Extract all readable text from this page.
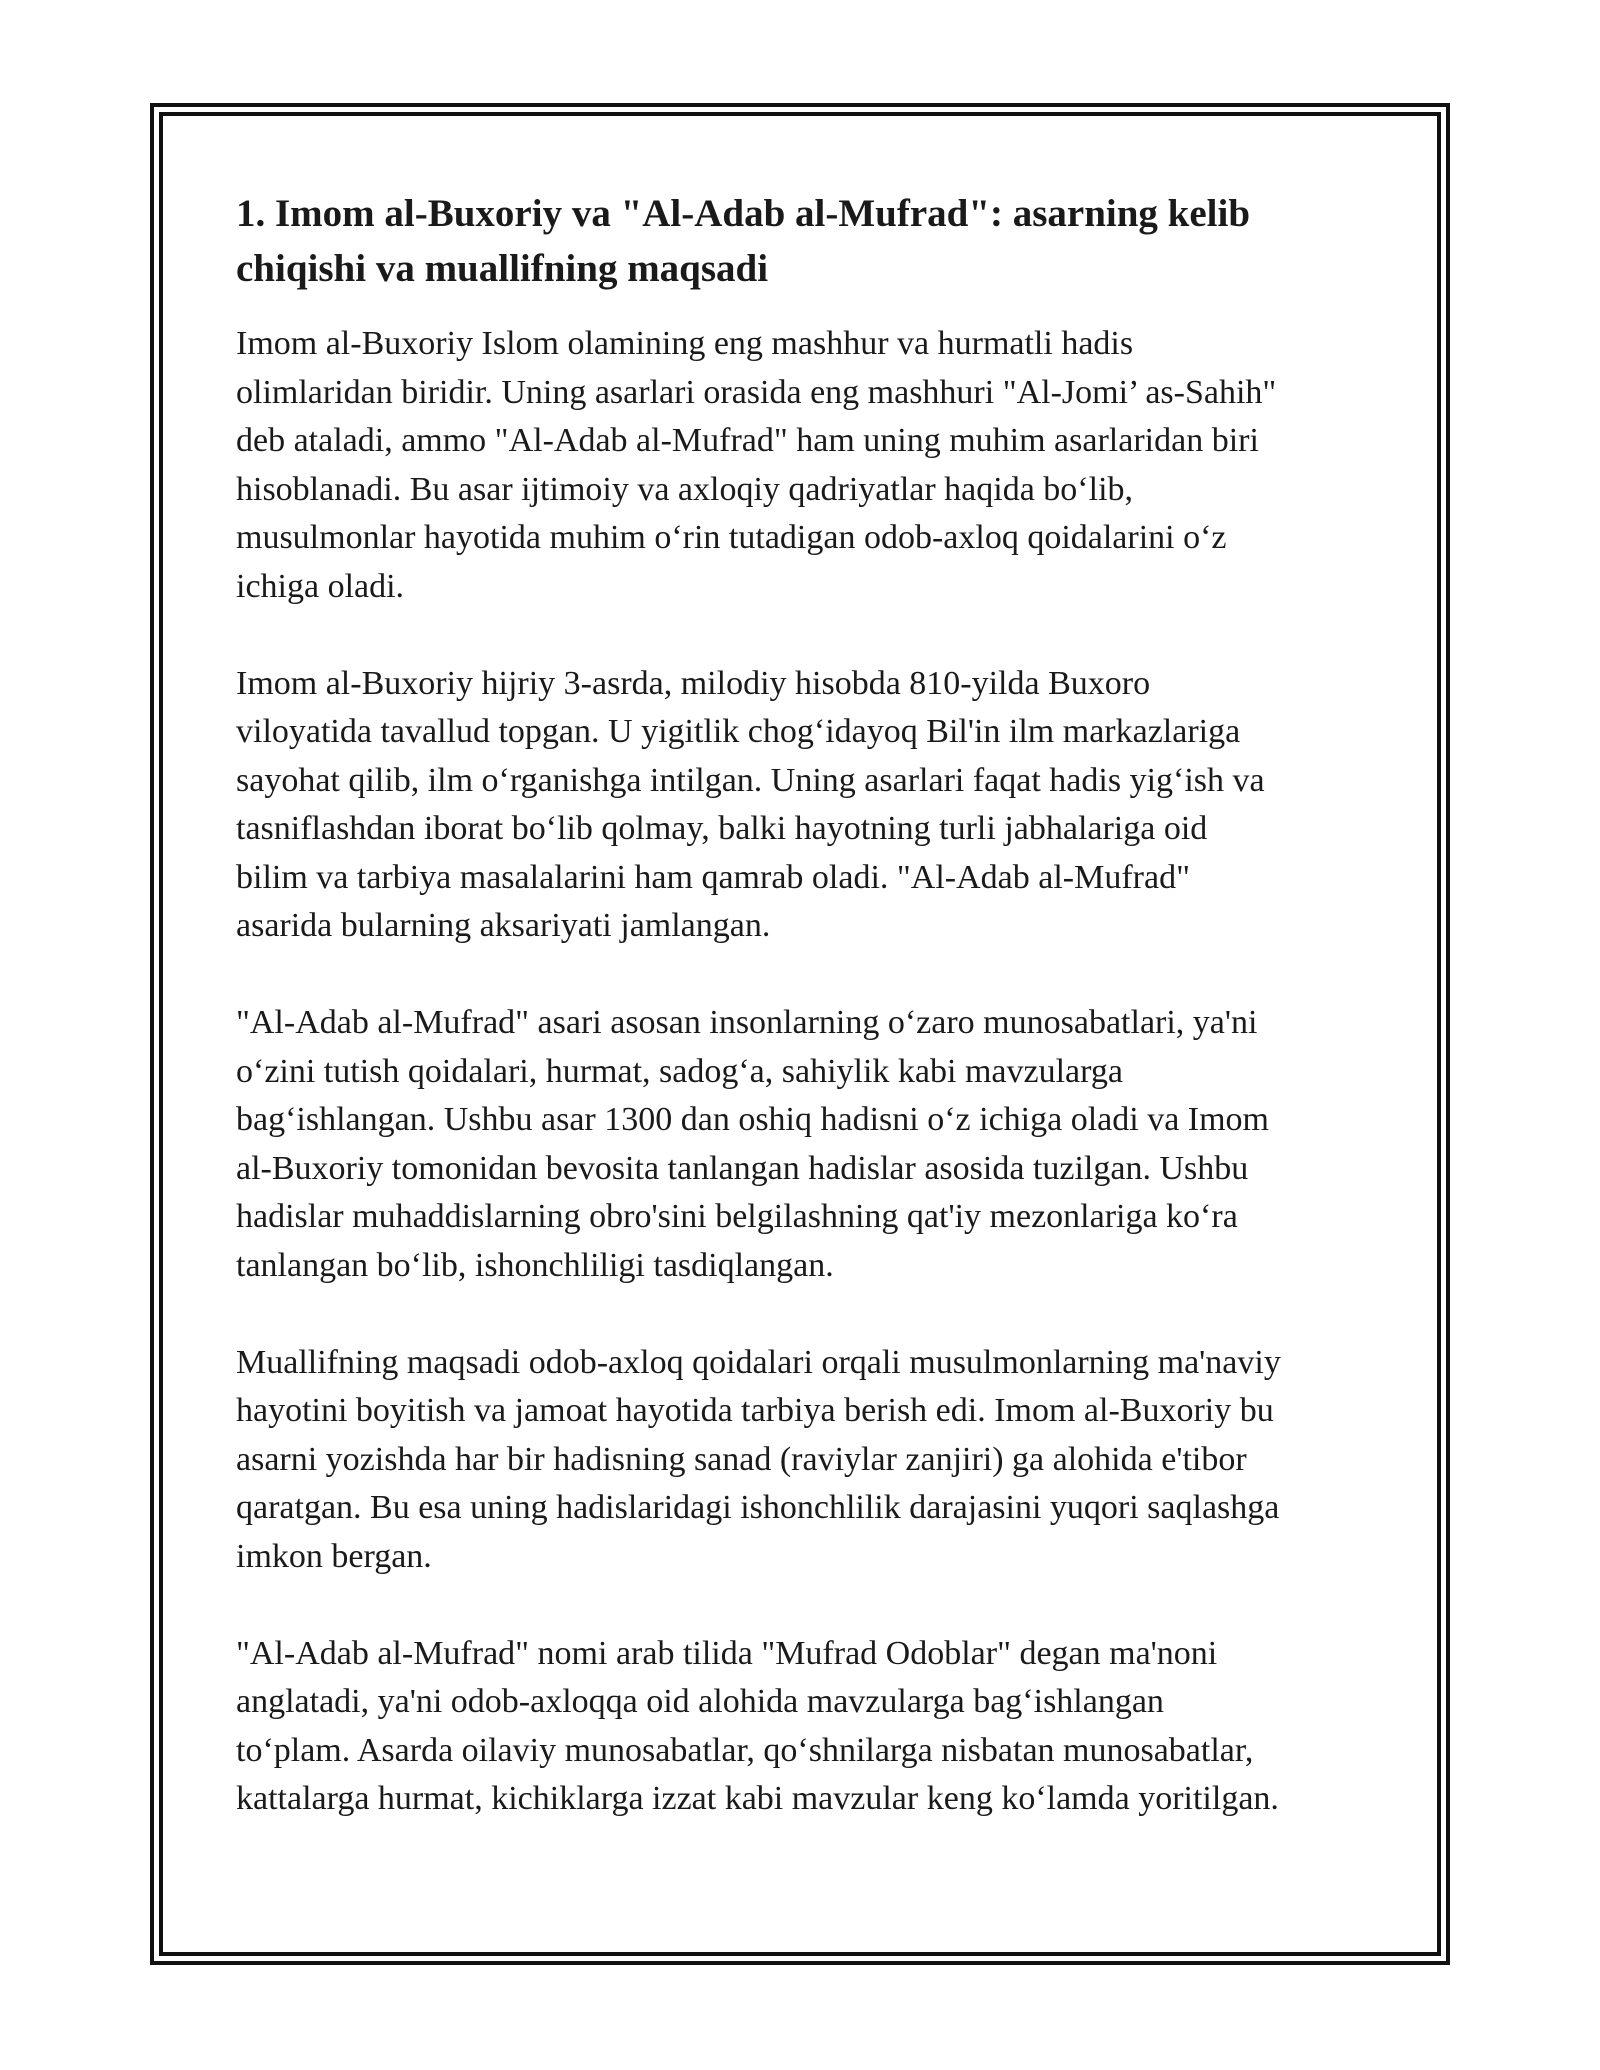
1. Imom al-Buxoriy va "Al-Adab al-Mufrad": asarning kelib
chiqishi va muallifning maqsadi

Imom al-Buxoriy Islom olamining eng mashhur va hurmatli hadis
olimlaridan biridir. Uning asarlari orasida eng mashhuri "Al-Jomi’ as-Sahih"
deb ataladi, ammo "Al-Adab al-Mufrad" ham uning muhim asarlaridan biri
hisoblanadi. Bu asar ijtimoiy va axloqiy qadriyatlar haqida bo‘lib,
musulmonlar hayotida muhim o‘rin tutadigan odob-axloq qoidalarini o‘z
ichiga oladi.

Imom al-Buxoriy hijriy 3-asrda, milodiy hisobda 810-yilda Buxoro
viloyatida tavallud topgan. U yigitlik chog‘idayoq Bil'in ilm markazlariga
sayohat qilib, ilm o‘rganishga intilgan. Uning asarlari faqat hadis yig‘ish va
tasniflashdan iborat bo‘lib qolmay, balki hayotning turli jabhalariga oid
bilim va tarbiya masalalarini ham qamrab oladi. "Al-Adab al-Mufrad"
asarida bularning aksariyati jamlangan.

"Al-Adab al-Mufrad" asari asosan insonlarning o‘zaro munosabatlari, ya'ni
o‘zini tutish qoidalari, hurmat, sadog‘a, sahiylik kabi mavzularga
bag‘ishlangan. Ushbu asar 1300 dan oshiq hadisni o‘z ichiga oladi va Imom
al-Buxoriy tomonidan bevosita tanlangan hadislar asosida tuzilgan. Ushbu
hadislar muhaddislarning obro'sini belgilashning qat'iy mezonlariga ko‘ra
tanlangan bo‘lib, ishonchliligi tasdiqlangan.

Muallifning maqsadi odob-axloq qoidalari orqali musulmonlarning ma'naviy
hayotini boyitish va jamoat hayotida tarbiya berish edi. Imom al-Buxoriy bu
asarni yozishda har bir hadisning sanad (raviylar zanjiri) ga alohida e'tibor
qaratgan. Bu esa uning hadislaridagi ishonchlilik darajasini yuqori saqlashga
imkon bergan.

"Al-Adab al-Mufrad" nomi arab tilida "Mufrad Odoblar" degan ma'noni
anglatadi, ya'ni odob-axloqqa oid alohida mavzularga bag‘ishlangan
to‘plam. Asarda oilaviy munosabatlar, qo‘shnilarga nisbatan munosabatlar,
kattalarga hurmat, kichiklarga izzat kabi mavzular keng ko‘lamda yoritilgan.
